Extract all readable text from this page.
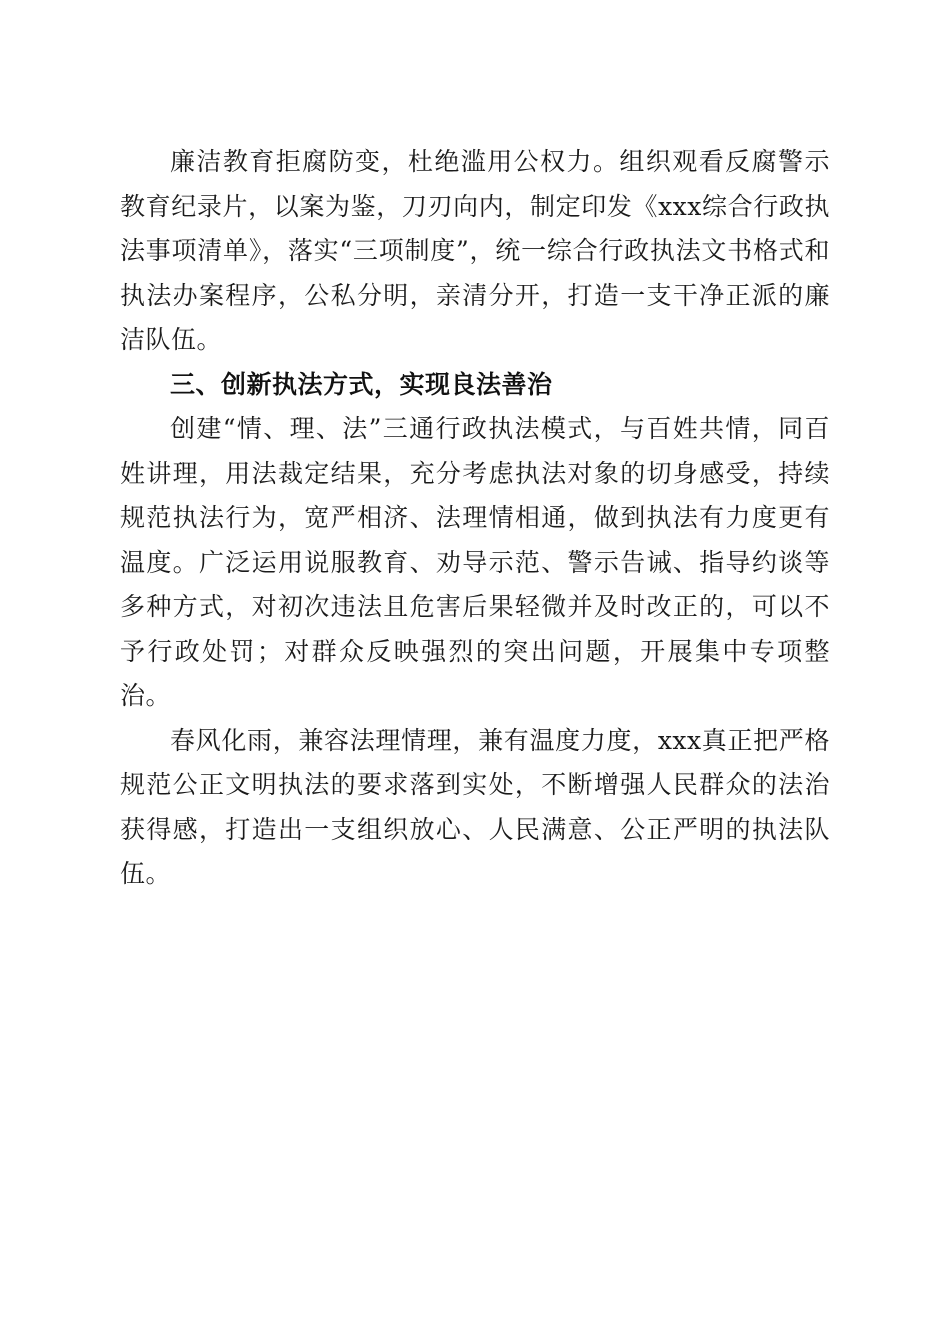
廉洁教育拒腐防变，杜绝滥用公权力。组织观看反腐警示教育纪录片，以案为鉴，刀刃向内，制定印发《xxx综合行政执法事项清单》，落实“三项制度”，统一综合行政执法文书格式和执法办案程序，公私分明，亲清分开，打造一支干净正派的廉洁队伍。

三、创新执法方式，实现良法善治

创建“情、理、法”三通行政执法模式，与百姓共情，同百姓讲理，用法裁定结果，充分考虑执法对象的切身感受，持续规范执法行为，宽严相济、法理情相通，做到执法有力度更有温度。广泛运用说服教育、劝导示范、警示告诫、指导约谈等多种方式，对初次违法且危害后果轻微并及时改正的，可以不予行政处罚；对群众反映强烈的突出问题，开展集中专项整治。

春风化雨，兼容法理情理，兼有温度力度，xxx真正把严格规范公正文明执法的要求落到实处，不断增强人民群众的法治获得感，打造出一支组织放心、人民满意、公正严明的执法队伍。
